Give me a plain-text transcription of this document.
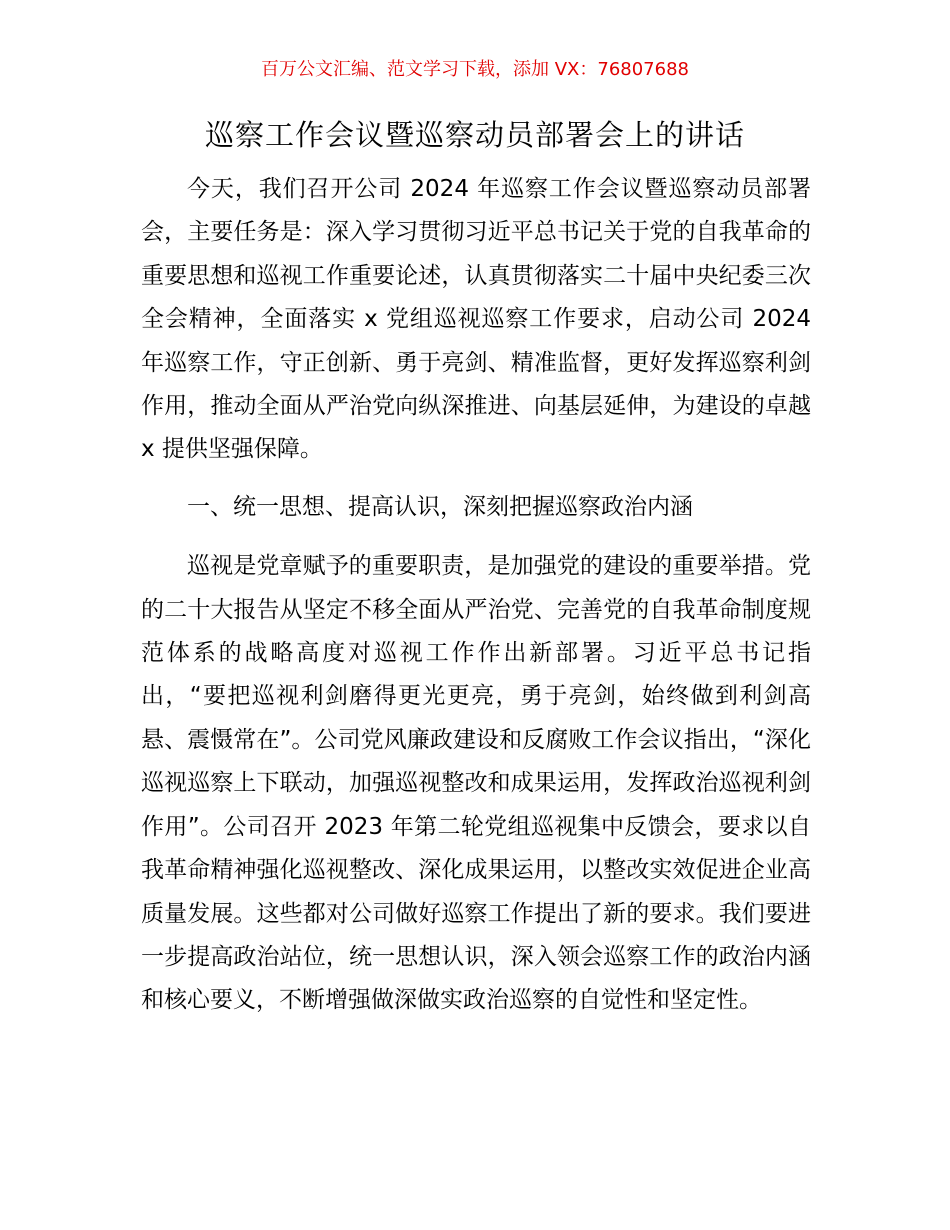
百万公文汇编、范文学习下载，添加 VX：76807688
巡察工作会议暨巡察动员部署会上的讲话

今天，我们召开公司 2024 年巡察工作会议暨巡察动员部署会，主要任务是：深入学习贯彻习近平总书记关于党的自我革命的重要思想和巡视工作重要论述，认真贯彻落实二十届中央纪委三次全会精神，全面落实 x 党组巡视巡察工作要求，启动公司 2024 年巡察工作，守正创新、勇于亮剑、精准监督，更好发挥巡察利剑作用，推动全面从严治党向纵深推进、向基层延伸，为建设的卓越 x 提供坚强保障。

一、统一思想、提高认识，深刻把握巡察政治内涵

巡视是党章赋予的重要职责，是加强党的建设的重要举措。党的二十大报告从坚定不移全面从严治党、完善党的自我革命制度规范体系的战略高度对巡视工作作出新部署。习近平总书记指出，“要把巡视利剑磨得更光更亮，勇于亮剑，始终做到利剑高悬、震慑常在”。公司党风廉政建设和反腐败工作会议指出，“深化巡视巡察上下联动，加强巡视整改和成果运用，发挥政治巡视利剑作用”。公司召开 2023 年第二轮党组巡视集中反馈会，要求以自我革命精神强化巡视整改、深化成果运用，以整改实效促进企业高质量发展。这些都对公司做好巡察工作提出了新的要求。我们要进一步提高政治站位，统一思想认识，深入领会巡察工作的政治内涵和核心要义，不断增强做深做实政治巡察的自觉性和坚定性。
